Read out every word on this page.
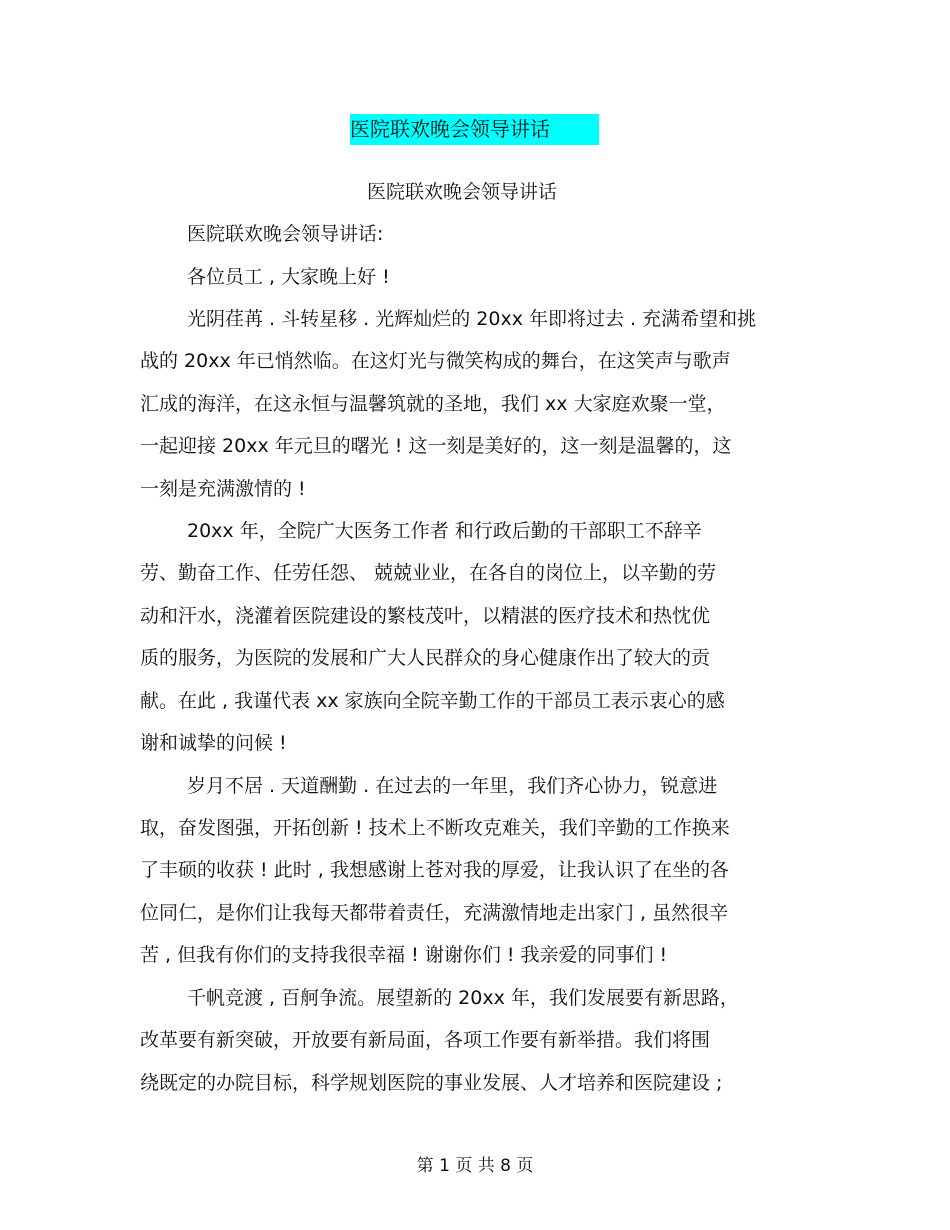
医院联欢晚会领导讲话
医院联欢晚会领导讲话
医院联欢晚会领导讲话:
各位员工 , 大家晚上好 !
光阴荏苒 . 斗转星移 . 光辉灿烂的 20xx 年即将过去 . 充满希望和挑
战的 20xx 年已悄然临。在这灯光与微笑构成的舞台，在这笑声与歌声
汇成的海洋，在这永恒与温馨筑就的圣地，我们 xx 大家庭欢聚一堂，
一起迎接 20xx 年元旦的曙光 ! 这一刻是美好的，这一刻是温馨的，这
一刻是充满激情的 !
20xx 年，全院广大医务工作者 和行政后勤的干部职工不辞辛
劳、勤奋工作、任劳任怨、 兢兢业业，在各自的岗位上，以辛勤的劳
动和汗水，浇灌着医院建设的繁枝茂叶，以精湛的医疗技术和热忱优
质的服务，为医院的发展和广大人民群众的身心健康作出了较大的贡
献。在此 , 我谨代表 xx 家族向全院辛勤工作的干部员工表示衷心的感
谢和诚挚的问候 !
岁月不居 . 天道酬勤 . 在过去的一年里，我们齐心协力，锐意进
取，奋发图强，开拓创新 ! 技术上不断攻克难关，我们辛勤的工作换来
了丰硕的收获 ! 此时 , 我想感谢上苍对我的厚爱，让我认识了在坐的各
位同仁，是你们让我每天都带着责任，充满激情地走出家门 , 虽然很辛
苦 , 但我有你们的支持我很幸福 ! 谢谢你们 ! 我亲爱的同事们 !
千帆竞渡 , 百舸争流。展望新的 20xx 年，我们发展要有新思路，
改革要有新突破，开放要有新局面，各项工作要有新举措。我们将围
绕既定的办院目标，科学规划医院的事业发展、人才培养和医院建设 ;
第 1 页 共 8 页
